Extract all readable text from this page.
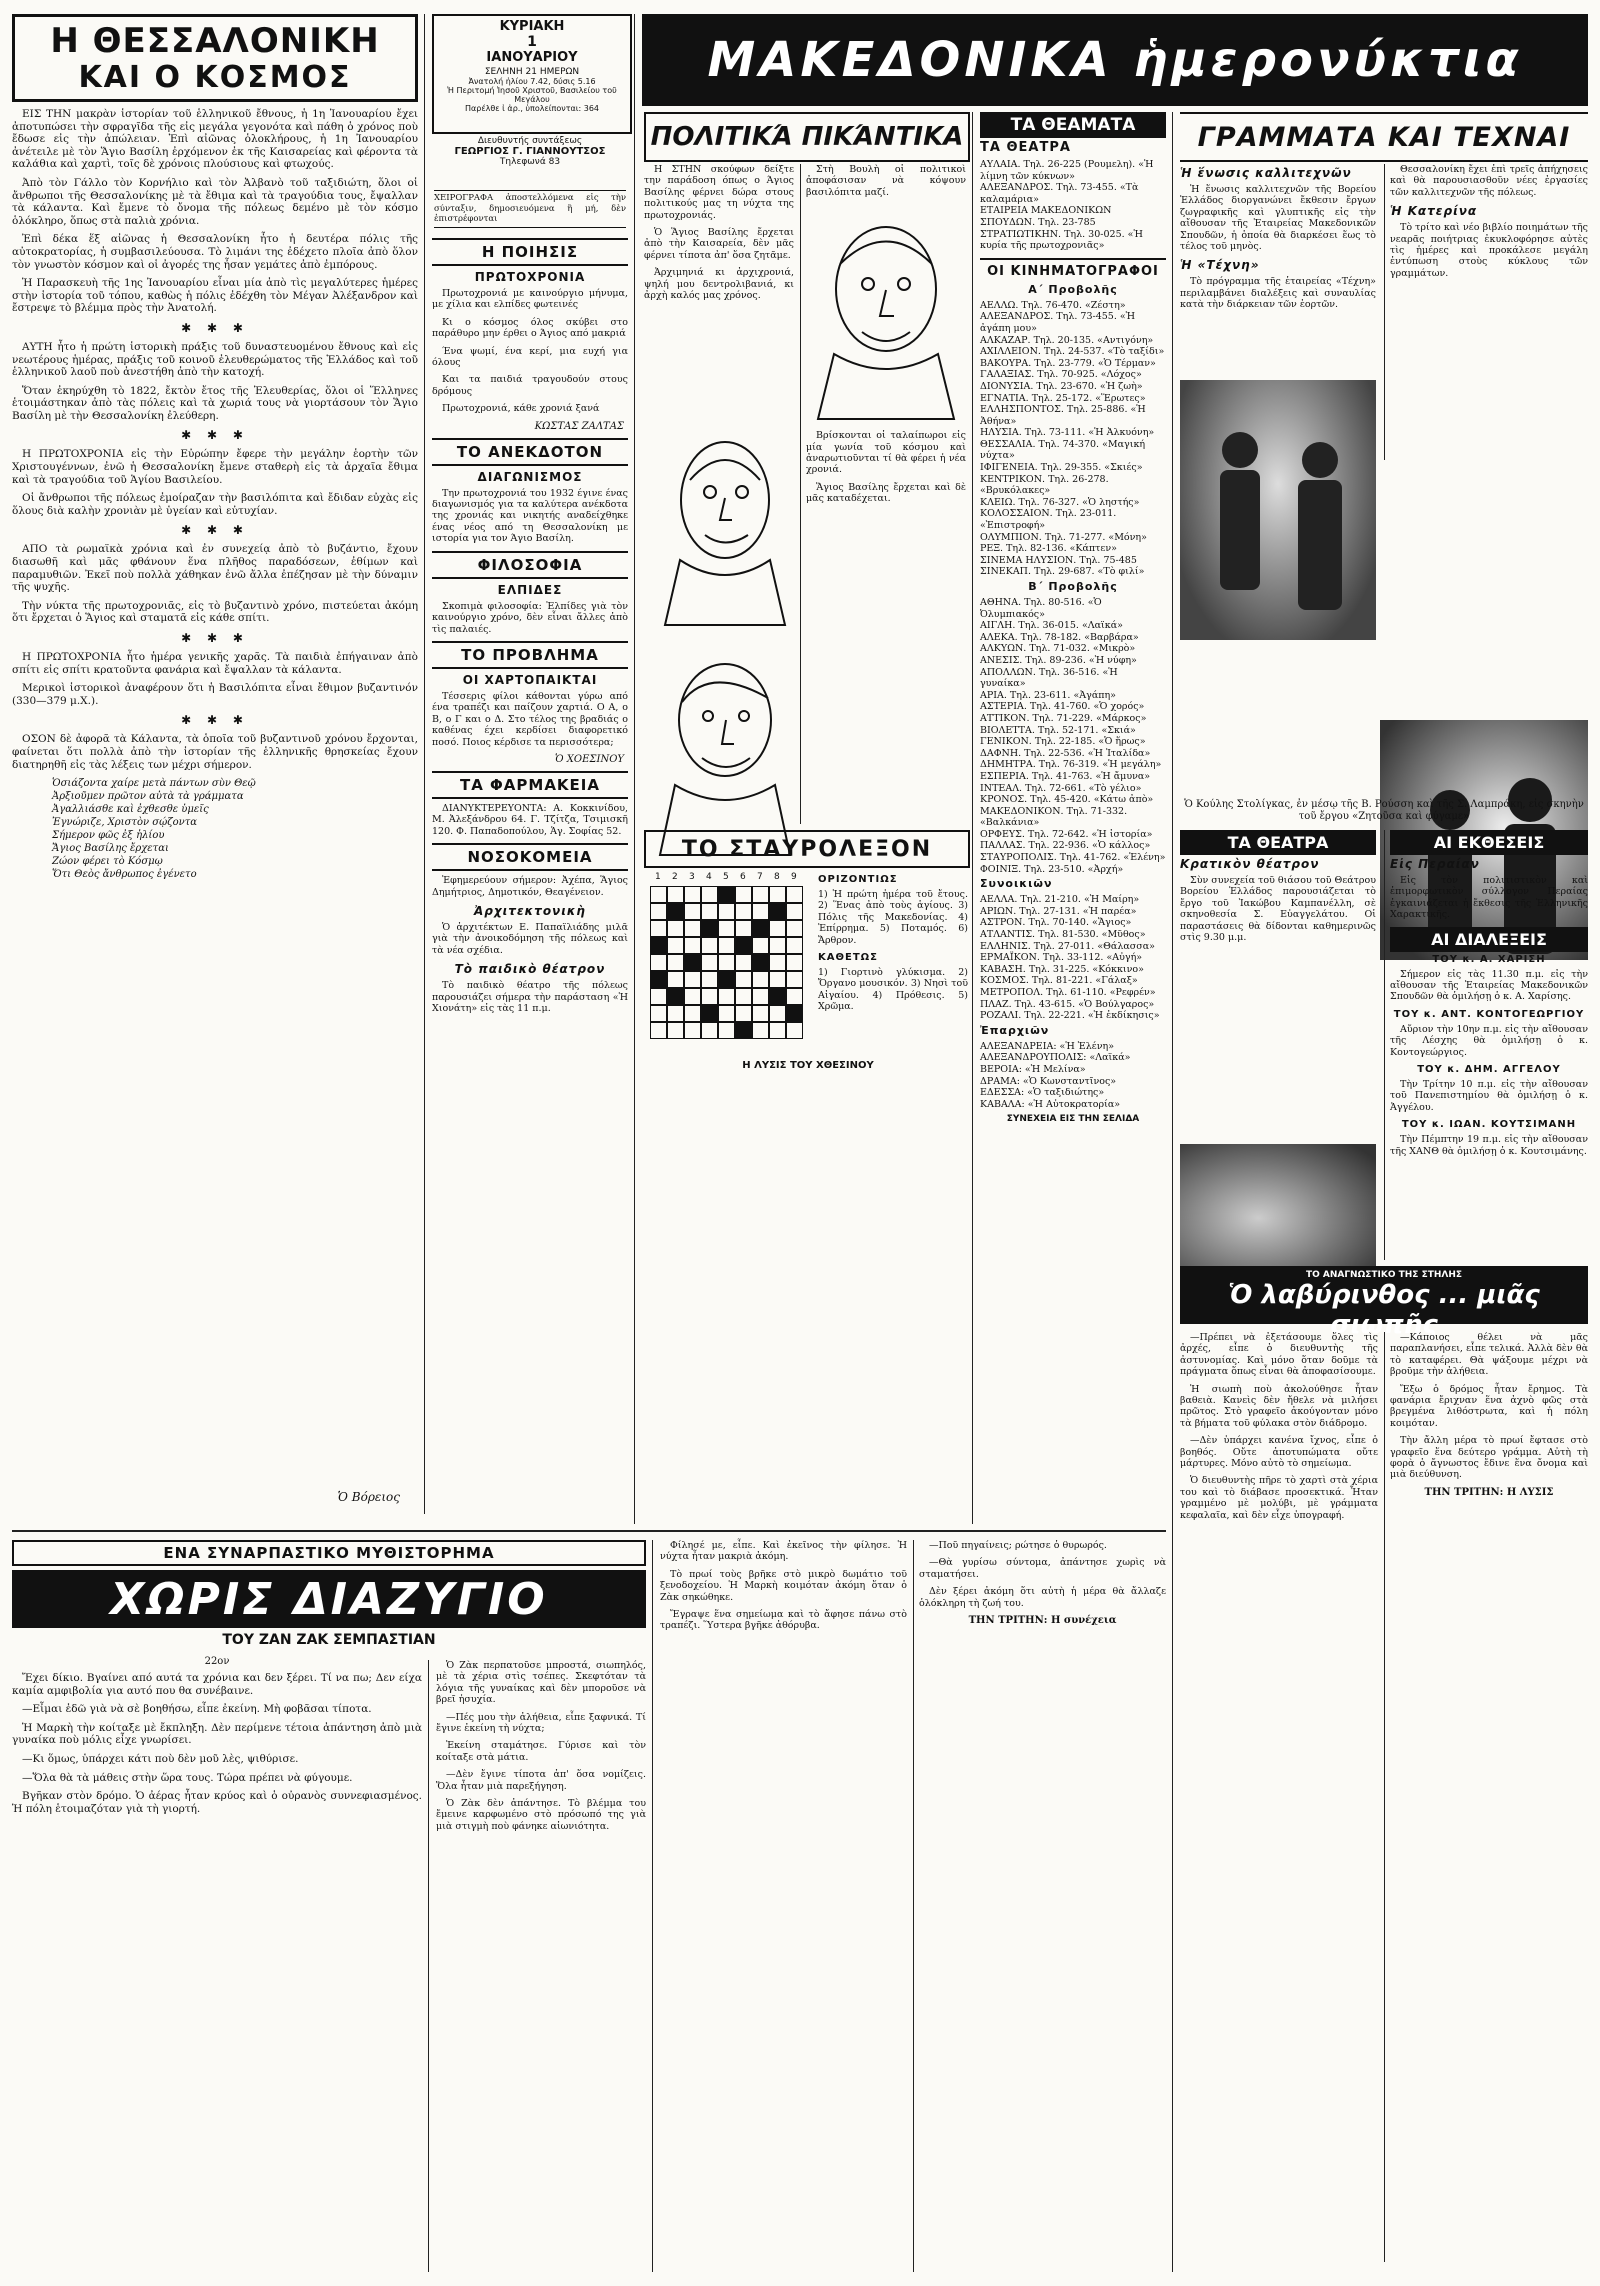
Η ΘΕΣΣΑΛΟΝΙΚΗ
ΚΑΙ Ο ΚΟΣΜΟΣ

ΕΙΣ ΤΗΝ μακρὰν ἱστορίαν τοῦ ἑλληνικοῦ ἔθνους, ἡ 1η Ἰανουαρίου ἔχει ἀποτυπώσει τὴν σφραγῖδα τῆς εἰς μεγάλα γεγονότα καὶ πάθη ὁ χρόνος ποὺ ἔδωσε εἰς τὴν ἀπώλειαν. Ἐπὶ αἰῶνας ὁλοκλήρους, ἡ 1η Ἰανουαρίου ἀνέτειλε μὲ τὸν Ἅγιο Βασίλη ἐρχόμενον ἐκ τῆς Καισαρείας καὶ φέροντα τὰ καλάθια καὶ χαρτὶ, τοῖς δὲ χρόνοις πλούσιους καὶ φτωχούς.

Ἀπὸ τὸν Γάλλο τὸν Κορνήλιο καὶ τὸν Ἀλβανὸ τοῦ ταξιδιώτη, ὅλοι οἱ ἄνθρωποι τῆς Θεσσαλονίκης μὲ τὰ ἔθιμα καὶ τὰ τραγούδια τους, ἔψαλλαν τὰ κάλαντα. Καὶ ἔμενε τὸ ὄνομα τῆς πόλεως δεμένο μὲ τὸν κόσμο ὁλόκληρο, ὅπως στὰ παλιὰ χρόνια.

Ἐπὶ δέκα ἕξ αἰῶνας ἡ Θεσσαλονίκη ἦτο ἡ δευτέρα πόλις τῆς αὐτοκρατορίας, ἡ συμβασιλεύουσα. Τὸ λιμάνι της ἐδέχετο πλοῖα ἀπὸ ὅλον τὸν γνωστὸν κόσμον καὶ οἱ ἀγορές της ἦσαν γεμάτες ἀπὸ ἐμπόρους.

Ἡ Παρασκευὴ τῆς 1ης Ἰανουαρίου εἶναι μία ἀπὸ τὶς μεγαλύτερες ἡμέρες στὴν ἱστορία τοῦ τόπου, καθὼς ἡ πόλις ἐδέχθη τὸν Μέγαν Ἀλέξανδρον καὶ ἔστρεψε τὸ βλέμμα πρὸς τὴν Ἀνατολή.

✱ ✱ ✱

ΑΥΤΗ ἦτο ἡ πρώτη ἱστορικὴ πράξις τοῦ δυναστευομένου ἔθνους καὶ εἰς νεωτέρους ἡμέρας, πράξις τοῦ κοινοῦ ἐλευθερώματος τῆς Ἑλλάδος καὶ τοῦ ἑλληνικοῦ λαοῦ ποὺ ἀνεστήθη ἀπὸ τὴν κατοχή.

Ὅταν ἐκηρύχθη τὸ 1822, ἔκτὸν ἔτος τῆς Ἐλευθερίας, ὅλοι οἱ Ἕλληνες ἑτοιμάστηκαν ἀπὸ τὰς πόλεις καὶ τὰ χωριά τους νὰ γιορτάσουν τὸν Ἅγιο Βασίλη μὲ τὴν Θεσσαλονίκη ἐλεύθερη.

✱ ✱ ✱

Η ΠΡΩΤΟΧΡΟΝΙΑ εἰς τὴν Εὐρώπην ἔφερε τὴν μεγάλην ἑορτὴν τῶν Χριστουγέννων, ἐνῶ ἡ Θεσσαλονίκη ἔμενε σταθερὴ εἰς τὰ ἀρχαῖα ἔθιμα καὶ τὰ τραγούδια τοῦ Ἁγίου Βασιλείου.

Οἱ ἄνθρωποι τῆς πόλεως ἐμοίραζαν τὴν βασιλόπιτα καὶ ἔδιδαν εὐχὰς εἰς ὅλους διὰ καλὴν χρονιὰν μὲ ὑγείαν καὶ εὐτυχίαν.

✱ ✱ ✱

ΑΠΟ τὰ ρωμαϊκὰ χρόνια καὶ ἐν συνεχείᾳ ἀπὸ τὸ βυζάντιο, ἔχουν διασωθῆ καὶ μᾶς φθάνουν ἕνα πλῆθος παραδόσεων, ἐθίμων καὶ παραμυθιῶν. Ἐκεῖ ποὺ πολλὰ χάθηκαν ἐνῶ ἄλλα ἐπέζησαν μὲ τὴν δύναμιν τῆς ψυχῆς.

Τὴν νύκτα τῆς πρωτοχρονιᾶς, εἰς τὸ βυζαντινὸ χρόνο, πιστεύεται ἀκόμη ὅτι ἔρχεται ὁ Ἅγιος καὶ σταματᾶ εἰς κάθε σπίτι.

✱ ✱ ✱

Η ΠΡΩΤΟΧΡΟΝΙΑ ἦτο ἡμέρα γενικῆς χαρᾶς. Τὰ παιδιὰ ἐπήγαιναν ἀπὸ σπίτι εἰς σπίτι κρατοῦντα φανάρια καὶ ἔψαλλαν τὰ κάλαντα.

Μερικοὶ ἱστορικοὶ ἀναφέρουν ὅτι ἡ Βασιλόπιτα εἶναι ἔθιμον βυζαντινόν (330—379 μ.Χ.).

✱ ✱ ✱

ΟΣΟΝ δὲ ἀφορᾶ τὰ Κάλαντα, τὰ ὁποῖα τοῦ βυζαντινοῦ χρόνου ἔρχονται, φαίνεται ὅτι πολλὰ ἀπὸ τὴν ἱστορίαν τῆς ἑλληνικῆς θρησκείας ἔχουν διατηρηθῆ εἰς τὰς λέξεις των μέχρι σήμερον.

Ὁσιάζοντα χαίρε μετὰ πάντων σὺν Θεῷ
Ἀρξιοῦμεν πρῶτον αὐτὰ τὰ γράμματα
Ἀγαλλιάσθε καὶ ἐχθεσθε ὑμεῖς
Ἐγνώριζε, Χριστὸν σῴζοντα
Σήμερον φῶς ἐξ ἡλίου
Ἄγιος Βασίλης ἔρχεται
Ζώον φέρει τὸ Κόσμῳ
Ὅτι Θεὸς ἄνθρωπος ἐγένετο
Ὁ Βόρειος
ΚΥΡΙΑΚΗ
1
ΙΑΝΟΥΑΡΙΟΥ
ΣΕΛΗΝΗ 21 ΗΜΕΡΩΝ
Ἀνατολή ἡλίου 7.42, δύσις 5.16
Ἡ Περιτομή Ἰησοῦ Χριστοῦ, Βασιλείου τοῦ Μεγάλου
Παρέλθε ἰ ἀρ., ὑπολείπονται: 364
Διευθυντής συντάξεως
ΓΕΩΡΓΙΟΣ Γ. ΓΙΑΝΝΟΥΤΣΟΣ
Τηλεφωνά 83
ΧΕΙΡΟΓΡΑΦΑ ἀποστελλόμενα εἰς τὴν σύνταξιν, δημοσιευόμενα ἢ μή, δὲν ἐπιστρέφονται
Η ΠΟΙΗΣΙΣ
ΠΡΩΤΟΧΡΟΝΙΑ

Πρωτοχρονιά με καινούργιο μήνυμα, με χίλια και ελπίδες φωτεινές

Κι ο κόσμος όλος σκύβει στο παράθυρο μην έρθει ο Άγιος από μακριά

Ένα ψωμί, ένα κερί, μια ευχή για όλους

Και τα παιδιά τραγουδούν στους δρόμους

Πρωτοχρονιά, κάθε χρονιά ξανά

ΚΩΣΤΑΣ ΖΑΛΤΑΣ
ΤΟ ΑΝΕΚΔΟΤΟΝ
ΔΙΑΓΩΝΙΣΜΟΣ

Την πρωτοχρονιά του 1932 έγινε ένας διαγωνισμός για τα καλύτερα ανέκδοτα της χρονιάς και νικητής αναδείχθηκε ένας νέος από τη Θεσσαλονίκη με ιστορία για τον Άγιο Βασίλη.

ΦΙΛΟΣΟΦΙΑ
ΕΛΠΙΔΕΣ

Σκοπιμὰ φιλοσοφία: Ἐλπίδες γιὰ τὸν καινούργιο χρόνο, δὲν εἶναι ἄλλες ἀπὸ τὶς παλαιές.

ΤΟ ΠΡΟΒΛΗΜΑ
ΟΙ ΧΑΡΤΟΠΑΙΚΤΑΙ

Τέσσερις φίλοι κάθονται γύρω από ένα τραπέζι και παίζουν χαρτιά. Ο Α, ο Β, ο Γ και ο Δ. Στο τέλος της βραδιάς ο καθένας έχει κερδίσει διαφορετικό ποσό. Ποιος κέρδισε τα περισσότερα;

Ὁ ΧΟΕΣΙΝΟΥ
ΤΑ ΦΑΡΜΑΚΕΙΑ

ΔΙΑΝΥΚΤΕΡΕΥΟΝΤΑ: Α. Κοκκινίδου, Μ. Ἀλεξάνδρου 64. Γ. Τζίτζα, Τσιμισκῆ 120. Φ. Παπαδοπούλου, Ἁγ. Σοφίας 52.

ΝΟΣΟΚΟΜΕΙΑ

Ἐφημερεύουν σήμερον: Ἀχέπα, Ἅγιος Δημήτριος, Δημοτικόν, Θεαγένειον.

Ἀρχιτεκτονικὴ

Ὁ ἀρχιτέκτων Ε. Παπαϊλιάδης μιλᾶ γιὰ τὴν ἀνοικοδόμηση τῆς πόλεως καὶ τὰ νέα σχέδια.

Τὸ παιδικὸ θέατρον

Τὸ παιδικὸ θέατρο τῆς πόλεως παρουσιάζει σήμερα τὴν παράσταση «Ἡ Χιονάτη» εἰς τὰς 11 π.μ.

ΜΑΚΕΔΟΝΙΚΑ ἡμερονύκτια
ΠΟΛΙΤΙΚΆ ΠΙΚΆΝΤΙΚΑ

Η ΣΤΗΝ σκούφων δείξτε την παράδοση όπως ο Άγιος Βασίλης φέρνει δώρα στους πολιτικούς μας τη νύχτα της πρωτοχρονιάς.

Ὁ Ἅγιος Βασίλης ἔρχεται ἀπὸ τὴν Καισαρεία, δὲν μᾶς φέρνει τίποτα ἀπ' ὅσα ζητᾶμε.

Ἀρχιμηνιά κι ἀρχιχρονιά, ψηλή μου δεντρολιβανιά, κι ἀρχὴ καλός μας χρόνος.

Στὴ Βουλὴ οἱ πολιτικοὶ ἀποφάσισαν νὰ κόψουν βασιλόπιτα μαζί.

Βρίσκονται οἱ ταλαίπωροι εἰς μία γωνία τοῦ κόσμου καὶ ἀναρωτιοῦνται τί θὰ φέρει ἡ νέα χρονιά.

Ἅγιος Βασίλης ἔρχεται καὶ δὲ μᾶς καταδέχεται.

ΤΟ ΣΤΑΥΡΟΛΕΞΟΝ
1 2 3 4 5 6 7 8 9 ΟΡΙΖΟΝΤΙΩΣ

1) Ἡ πρώτη ἡμέρα τοῦ ἔτους. 2) Ἕνας ἀπὸ τοὺς ἁγίους. 3) Πόλις τῆς Μακεδονίας. 4) Ἐπίρρημα. 5) Ποταμός. 6) Ἄρθρον.

ΚΑΘΕΤΩΣ

1) Γιορτινὸ γλύκισμα. 2) Ὄργανο μουσικόν. 3) Νησὶ τοῦ Αἰγαίου. 4) Πρόθεσις. 5) Χρῶμα.

Η ΛΥΣΙΣ ΤΟΥ ΧΘΕΣΙΝΟΥ
ΤΑ ΘΕΑΜΑΤΑ
ΤΑ ΘΕΑΤΡΑ

ΑΥΛΑΙΑ. Τηλ. 26-225 (Ρουμελη). «Ἡ λίμνη τῶν κύκνων»

ΑΛΕΞΑΝΔΡΟΣ. Τηλ. 73-455. «Τὰ καλαμάρια»

ΕΤΑΙΡΕΙΑ ΜΑΚΕΔΟΝΙΚΩΝ ΣΠΟΥΔΩΝ. Τηλ. 23-785

ΣΤΡΑΤΙΩΤΙΚΗΝ. Τηλ. 30-025. «Ἡ κυρία τῆς πρωτοχρονιᾶς»

ΟΙ ΚΙΝΗΜΑΤΟΓΡΑΦΟΙ
Α΄ Προβολῆς

ΑΕΛΛΩ. Τηλ. 76-470. «Ζέστη»

ΑΛΕΞΑΝΔΡΟΣ. Τηλ. 73-455. «Ἡ ἀγάπη μου»

ΑΛΚΑΖΑΡ. Τηλ. 20-135. «Αντιγόνη»

ΑΧΙΛΛΕΙΟΝ. Τηλ. 24-537. «Τὸ ταξίδι»

ΒΑΚΟΥΡΑ. Τηλ. 23-779. «Ὁ Τέρμαν»

ΓΑΛΑΞΙΑΣ. Τηλ. 70-925. «Λόχος»

ΔΙΟΝΥΣΙΑ. Τηλ. 23-670. «Ἡ ζωὴ»

ΕΓΝΑΤΙΑ. Τηλ. 25-172. «Ἕρωτες»

ΕΛΛΗΣΠΟΝΤΟΣ. Τηλ. 25-886. «Ἡ Ἀθήνα»

ΗΛΥΣΙΑ. Τηλ. 73-111. «Ἡ Ἀλκυόνη»

ΘΕΣΣΑΛΙΑ. Τηλ. 74-370. «Μαγική νύχτα»

ΙΦΙΓΕΝΕΙΑ. Τηλ. 29-355. «Σκιές»

ΚΕΝΤΡΙΚΟΝ. Τηλ. 26-278. «Βρυκόλακες»

ΚΛΕΙΩ. Τηλ. 76-327. «Ὁ ληστής»

ΚΟΛΟΣΣΑΙΟΝ. Τηλ. 23-011. «Ἐπιστροφή»

ΟΛΥΜΠΙΟΝ. Τηλ. 71-277. «Μόνη»

ΡΕΞ. Τηλ. 82-136. «Κάπτεν»

ΣΙΝΕΜΑ ΗΛΥΣΙΟΝ. Τηλ. 75-485

ΣΙΝΕΚΑΠ. Τηλ. 29-687. «Τὸ φιλί»

Β΄ Προβολῆς

ΑΘΗΝΑ. Τηλ. 80-516. «Ὁ Ὀλυμπιακός»

ΑΙΓΛΗ. Τηλ. 36-015. «Λαϊκά»

ΑΛΕΚΑ. Τηλ. 78-182. «Βαρβάρα»

ΑΛΚΥΩΝ. Τηλ. 71-032. «Μικρὸ»

ΑΝΕΣΙΣ. Τηλ. 89-236. «Ἡ νύφη»

ΑΠΟΛΛΩΝ. Τηλ. 36-516. «Ἡ γυναίκα»

ΑΡΙΑ. Τηλ. 23-611. «Ἀγάπη»

ΑΣΤΕΡΙΑ. Τηλ. 41-760. «Ὁ χορός»

ΑΤΤΙΚΟΝ. Τηλ. 71-229. «Μάρκος»

ΒΙΟΛΕΤΤΑ. Τηλ. 52-171. «Σκιά»

ΓΕΝΙΚΟΝ. Τηλ. 22-185. «Ὁ ἥρως»

ΔΑΦΝΗ. Τηλ. 22-536. «Ἡ Ἰταλίδα»

ΔΗΜΗΤΡΑ. Τηλ. 76-319. «Ἡ μεγάλη»

ΕΣΠΕΡΙΑ. Τηλ. 41-763. «Ἡ ἄμυνα»

ΙΝΤΕΑΛ. Τηλ. 72-661. «Τὸ γέλιο»

ΚΡΟΝΟΣ. Τηλ. 45-420. «Κάτω ἀπὸ»

ΜΑΚΕΔΟΝΙΚΟΝ. Τηλ. 71-332. «Βαλκάνια»

ΟΡΦΕΥΣ. Τηλ. 72-642. «Ἡ ἱστορία»

ΠΑΛΛΑΣ. Τηλ. 22-936. «Ὁ κάλλος»

ΣΤΑΥΡΟΠΟΛΙΣ. Τηλ. 41-762. «Ἑλένη»

ΦΟΙΝΙΞ. Τηλ. 23-510. «Ἀρχή»

Συνοικιῶν

ΑΕΛΛΑ. Τηλ. 21-210. «Ἡ Μαίρη»

ΑΡΙΩΝ. Τηλ. 27-131. «Ἡ παρέα»

ΑΣΤΡΟΝ. Τηλ. 70-140. «Ἅγιος»

ΑΤΛΑΝΤΙΣ. Τηλ. 81-530. «Μῦθος»

ΕΛΛΗΝΙΣ. Τηλ. 27-011. «Θάλασσα»

ΕΡΜΑΪΚΟΝ. Τηλ. 33-112. «Αὐγή»

ΚΑΒΑΣΗ. Τηλ. 31-225. «Κόκκινο»

ΚΟΣΜΟΣ. Τηλ. 81-221. «Γάλαξ»

ΜΕΤΡΟΠΟΛ. Τηλ. 61-110. «Ρεφρέν»

ΠΛΑΖ. Τηλ. 43-615. «Ὁ Βούλγαρος»

ΡΟΖΑΛΙ. Τηλ. 22-221. «Ἡ ἐκδίκησις»

Ἐπαρχιῶν

ΑΛΕΞΑΝΔΡΕΙΑ: «Ἡ Ἑλένη»

ΑΛΕΞΑΝΔΡΟΥΠΟΛΙΣ: «Λαϊκά»

ΒΕΡΟΙΑ: «Ἡ Μελίνα»

ΔΡΑΜΑ: «Ὁ Κωνσταντῖνος»

ΕΔΕΣΣΑ: «Ὁ ταξιδιώτης»

ΚΑΒΑΛΑ: «Ἡ Αὐτοκρατορία»

ΣΥΝΕΧΕΙΑ ΕΙΣ ΤΗΝ ΣΕΛΙΔΑ
ΓΡΑΜΜΑΤΑ ΚΑΙ ΤΕΧΝΑΙ
Ἡ ἕνωσις καλλιτεχνῶν

Ἡ ἕνωσις καλλιτεχνῶν τῆς Βορείου Ἑλλάδος διοργανώνει ἔκθεσιν ἔργων ζωγραφικῆς καὶ γλυπτικῆς εἰς τὴν αἴθουσαν τῆς Ἑταιρείας Μακεδονικῶν Σπουδῶν, ἡ ὁποία θὰ διαρκέσει ἕως τὸ τέλος τοῦ μηνὸς.

Ἡ «Τέχνη»

Τὸ πρόγραμμα τῆς ἑταιρείας «Τέχνη» περιλαμβάνει διαλέξεις καὶ συναυλίας κατὰ τὴν διάρκειαν τῶν ἑορτῶν.

Θεσσαλονίκη ἔχει ἐπὶ τρεῖς ἀπήχησεις καὶ θὰ παρουσιασθοῦν νέες ἐργασίες τῶν καλλιτεχνῶν τῆς πόλεως.

Ἡ Κατερίνα

Τὸ τρίτο καὶ νέο βιβλίο ποιημάτων τῆς νεαρᾶς ποιήτριας ἐκυκλοφόρησε αὐτὲς τὶς ἡμέρες καὶ προκάλεσε μεγάλη ἐντύπωση στοὺς κύκλους τῶν γραμμάτων.

Ὁ Κούλης Στολίγκας, ἐν μέσῳ τῆς Β. Ρούσση καὶ τῆς Σ. Λαμπράκη, εἰς σκηνὴν τοῦ ἔργου «Ζητοῦσα καὶ φύγαμε»
ΤΑ ΘΕΑΤΡΑ
Κρατικὸν θέατρον

Σὺν συνεχεία τοῦ θιάσου τοῦ Θεάτρου Βορείου Ἑλλάδος παρουσιάζεται τὸ ἔργο τοῦ Ἰακώβου Καμπανέλλη, σὲ σκηνοθεσία Σ. Εὐαγγελάτου. Οἱ παραστάσεις θὰ δίδονται καθημερινῶς στὶς 9.30 μ.μ.

ΑΙ ΕΚΘΕΣΕΙΣ
Εἰς Περαίαν

Εἰς τὸν πολιτιστικὸν καὶ ἐπιμορφωτικὸν σύλλογον Περαίας ἐγκαινιάζεται ἡ ἔκθεσις τῆς Ἑλληνικῆς Χαρακτικῆς.

ΑΙ ΔΙΑΛΕΞΕΙΣ
ΤΟΥ κ. Α. ΧΑΡΙΣΗ

Σήμερον εἰς τὰς 11.30 π.μ. εἰς τὴν αἴθουσαν τῆς Ἑταιρείας Μακεδονικῶν Σπουδῶν θὰ ὁμιλήσῃ ὁ κ. Α. Χαρίσης.

ΤΟΥ κ. ΑΝΤ. ΚΟΝΤΟΓΕΩΡΓΙΟΥ

Αὔριον τὴν 10ην π.μ. εἰς τὴν αἴθουσαν τῆς Λέσχης θὰ ὁμιλήσῃ ὁ κ. Κοντογεώργιος.

ΤΟΥ κ. ΔΗΜ. ΑΓΓΕΛΟΥ

Τὴν Τρίτην 10 π.μ. εἰς τὴν αἴθουσαν τοῦ Πανεπιστημίου θὰ ὁμιλήσῃ ὁ κ. Ἀγγέλου.

ΤΟΥ κ. ΙΩΑΝ. ΚΟΥΤΣΙΜΑΝΗ

Τὴν Πέμπτην 19 π.μ. εἰς τὴν αἴθουσαν τῆς ΧΑΝΘ θὰ ὁμιλήσῃ ὁ κ. Κουτσιμάνης.

ΤΟ ΑΝΑΓΝΩΣΤΙΚΟ ΤΗΣ ΣΤΗΛΗΣ
Ὁ λαβύρινθος ... μιᾶς σιωπῆς

—Πρέπει νὰ ἐξετάσουμε ὅλες τὶς ἀρχές, εἶπε ὁ διευθυντὴς τῆς ἀστυνομίας. Καὶ μόνο ὅταν δοῦμε τὰ πράγματα ὅπως εἶναι θὰ ἀποφασίσουμε.

Ἡ σιωπὴ ποὺ ἀκολούθησε ἦταν βαθειὰ. Κανεὶς δὲν ἤθελε νὰ μιλήσει πρῶτος. Στὸ γραφεῖο ἀκούγονταν μόνο τὰ βήματα τοῦ φύλακα στὸν διάδρομο.

—Δὲν ὑπάρχει κανένα ἴχνος, εἶπε ὁ βοηθός. Οὔτε ἀποτυπώματα οὔτε μάρτυρες. Μόνο αὐτὸ τὸ σημείωμα.

Ὁ διευθυντὴς πῆρε τὸ χαρτὶ στὰ χέρια του καὶ τὸ διάβασε προσεκτικά. Ἦταν γραμμένο μὲ μολύβι, μὲ γράμματα κεφαλαῖα, καὶ δὲν εἶχε ὑπογραφή.

—Κάποιος θέλει νὰ μᾶς παραπλανήσει, εἶπε τελικά. Ἀλλὰ δὲν θὰ τὸ καταφέρει. Θὰ ψάξουμε μέχρι νὰ βροῦμε τὴν ἀλήθεια.

Ἔξω ὁ δρόμος ἦταν ἔρημος. Τὰ φανάρια ἔριχναν ἕνα ἀχνὸ φῶς στὰ βρεγμένα λιθόστρωτα, καὶ ἡ πόλη κοιμόταν.

Τὴν ἄλλη μέρα τὸ πρωί ἔφτασε στὸ γραφεῖο ἕνα δεύτερο γράμμα. Αὐτὴ τὴ φορὰ ὁ ἄγνωστος ἔδινε ἕνα ὄνομα καὶ μιὰ διεύθυνση.

ΤΗΝ ΤΡΙΤΗΝ: Η ΛΥΣΙΣ
ΕΝΑ ΣΥΝΑΡΠΑΣΤΙΚΟ ΜΥΘΙΣΤΟΡΗΜΑ
ΧΩΡΙΣ ΔΙΑΖΥΓΙΟ
ΤΟΥ ΖΑΝ ΖΑΚ ΣΕΜΠΑΣΤΙΑΝ
22ον

Ἔχει δίκιο. Βγαίνει από αυτά τα χρόνια και δεν ξέρει. Τί να πω; Δεν είχα καμία αμφιβολία για αυτό που θα συνέβαινε.

—Εἶμαι ἐδῶ γιὰ νὰ σὲ βοηθήσω, εἶπε ἐκείνη. Μὴ φοβᾶσαι τίποτα.

Ἡ Μαρκὴ τὴν κοίταξε μὲ ἔκπληξη. Δὲν περίμενε τέτοια ἀπάντηση ἀπὸ μιὰ γυναίκα ποὺ μόλις εἶχε γνωρίσει.

—Κι ὅμως, ὑπάρχει κάτι ποὺ δὲν μοῦ λὲς, ψιθύρισε.

—Ὅλα θὰ τὰ μάθεις στὴν ὥρα τους. Τώρα πρέπει νὰ φύγουμε.

Βγῆκαν στὸν δρόμο. Ὁ ἀέρας ἦταν κρύος καὶ ὁ οὐρανὸς συννεφιασμένος. Ἡ πόλη ἑτοιμαζόταν γιὰ τὴ γιορτή.

Ὁ Ζὰκ περπατοῦσε μπροστά, σιωπηλός, μὲ τὰ χέρια στὶς τσέπες. Σκεφτόταν τὰ λόγια τῆς γυναίκας καὶ δὲν μποροῦσε νὰ βρεῖ ἡσυχία.

—Πές μου τὴν ἀλήθεια, εἶπε ξαφνικά. Τί ἔγινε ἐκείνη τὴ νύχτα;

Ἐκείνη σταμάτησε. Γύρισε καὶ τὸν κοίταξε στὰ μάτια.

—Δὲν ἔγινε τίποτα ἀπ' ὅσα νομίζεις. Ὅλα ἦταν μιὰ παρεξήγηση.

Ὁ Ζὰκ δὲν ἀπάντησε. Τὸ βλέμμα του ἔμεινε καρφωμένο στὸ πρόσωπό της γιὰ μιὰ στιγμὴ ποὺ φάνηκε αἰωνιότητα.

Φίλησέ με, εἶπε. Καὶ ἐκεῖνος τὴν φίλησε. Ἡ νύχτα ἦταν μακριὰ ἀκόμη.

Τὸ πρωί τοὺς βρῆκε στὸ μικρὸ δωμάτιο τοῦ ξενοδοχείου. Ἡ Μαρκὴ κοιμόταν ἀκόμη ὅταν ὁ Ζὰκ σηκώθηκε.

Ἔγραψε ἕνα σημείωμα καὶ τὸ ἄφησε πάνω στὸ τραπέζι. Ὕστερα βγῆκε ἀθόρυβα.

—Ποῦ πηγαίνεις; ρώτησε ὁ θυρωρός.

—Θὰ γυρίσω σύντομα, ἀπάντησε χωρὶς νὰ σταματήσει.

Δὲν ξέρει ἀκόμη ὅτι αὐτὴ ἡ μέρα θὰ ἄλλαζε ὁλόκληρη τὴ ζωή του.

ΤΗΝ ΤΡΙΤΗΝ: Η συνέχεια
